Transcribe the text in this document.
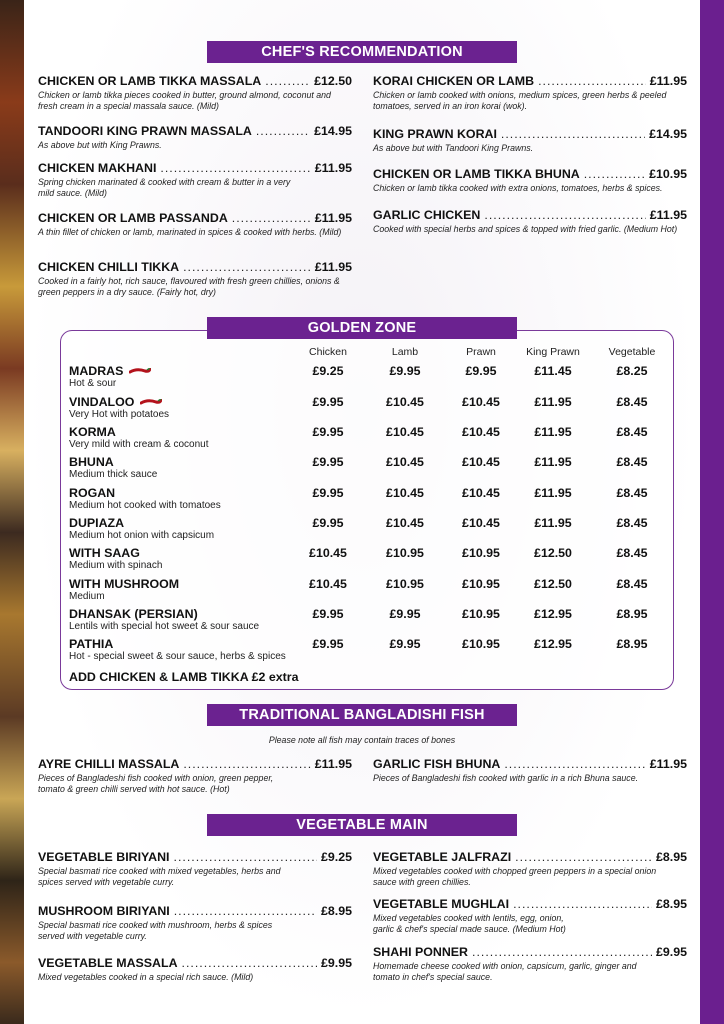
CHEF'S RECOMMENDATION
CHICKEN OR LAMB TIKKA MASSALA .....	£12.50
Chicken or lamb tikka pieces cooked in butter, ground almond, coconut and fresh cream in a special massala sauce. (Mild)
TANDOORI KING PRAWN MASSALA .....	£14.95
As above but with King Prawns.
CHICKEN MAKHANI .....	£11.95
Spring chicken marinated & cooked with cream & butter in a very mild sauce. (Mild)
CHICKEN OR LAMB PASSANDA .....	£11.95
A thin fillet of chicken or lamb, marinated in spices & cooked with herbs. (Mild)
CHICKEN CHILLI TIKKA .....	£11.95
Cooked in a fairly hot, rich sauce, flavoured with fresh green chillies, onions & green peppers in a dry sauce. (Fairly hot, dry)
KORAI CHICKEN OR LAMB .....	£11.95
Chicken or lamb cooked with onions, medium spices, green herbs & peeled tomatoes, served in an iron korai (wok).
KING PRAWN KORAI .....	£14.95
As above but with Tandoori King Prawns.
CHICKEN OR LAMB TIKKA BHUNA .....	£10.95
Chicken or lamb tikka cooked with extra onions, tomatoes, herbs & spices.
GARLIC CHICKEN .....	£11.95
Cooked with special herbs and spices & topped with fried garlic. (Medium Hot)
GOLDEN ZONE
Chicken	Lamb	Prawn	King Prawn	Vegetable
MADRAS
Hot & sour
£9.25	£9.95	£9.95	£11.45	£8.25
VINDALOO
Very Hot with potatoes
£9.95	£10.45	£10.45	£11.95	£8.45
KORMA
Very mild with cream & coconut
£9.95	£10.45	£10.45	£11.95	£8.45
BHUNA
Medium thick sauce
£9.95	£10.45	£10.45	£11.95	£8.45
ROGAN
Medium hot cooked with tomatoes
£9.95	£10.45	£10.45	£11.95	£8.45
DUPIAZA
Medium hot onion with capsicum
£9.95	£10.45	£10.45	£11.95	£8.45
WITH SAAG
Medium with spinach
£10.45	£10.95	£10.95	£12.50	£8.45
WITH MUSHROOM
Medium
£10.45	£10.95	£10.95	£12.50	£8.45
DHANSAK (PERSIAN)
Lentils with special hot sweet & sour sauce
£9.95	£9.95	£10.95	£12.95	£8.95
PATHIA
Hot - special sweet & sour sauce, herbs & spices
£9.95	£9.95	£10.95	£12.95	£8.95
ADD CHICKEN & LAMB TIKKA £2 extra
TRADITIONAL BANGLADISHI FISH
Please note all fish may contain traces of bones
AYRE CHILLI MASSALA .....	£11.95
Pieces of Bangladeshi fish cooked with onion, green pepper, tomato & green chilli served with hot sauce. (Hot)
GARLIC FISH BHUNA .....	£11.95
Pieces of Bangladeshi fish cooked with garlic in a rich Bhuna sauce.
VEGETABLE MAIN
VEGETABLE BIRIYANI .....	£9.25
Special basmati rice cooked with mixed vegetables, herbs and spices served with vegetable curry.
MUSHROOM BIRIYANI .....	£8.95
Special basmati rice cooked with mushroom, herbs & spices served with vegetable curry.
VEGETABLE MASSALA .....	£9.95
Mixed vegetables cooked in a special rich sauce. (Mild)
VEGETABLE JALFRAZI .....	£8.95
Mixed vegetables cooked with chopped green peppers in a special onion sauce with green chillies.
VEGETABLE MUGHLAI .....	£8.95
Mixed vegetables cooked with lentils, egg, onion, garlic & chef's special made sauce. (Medium Hot)
SHAHI PONNER .....	£9.95
Homemade cheese cooked with onion, capsicum, garlic, ginger and tomato in chef's special sauce.
